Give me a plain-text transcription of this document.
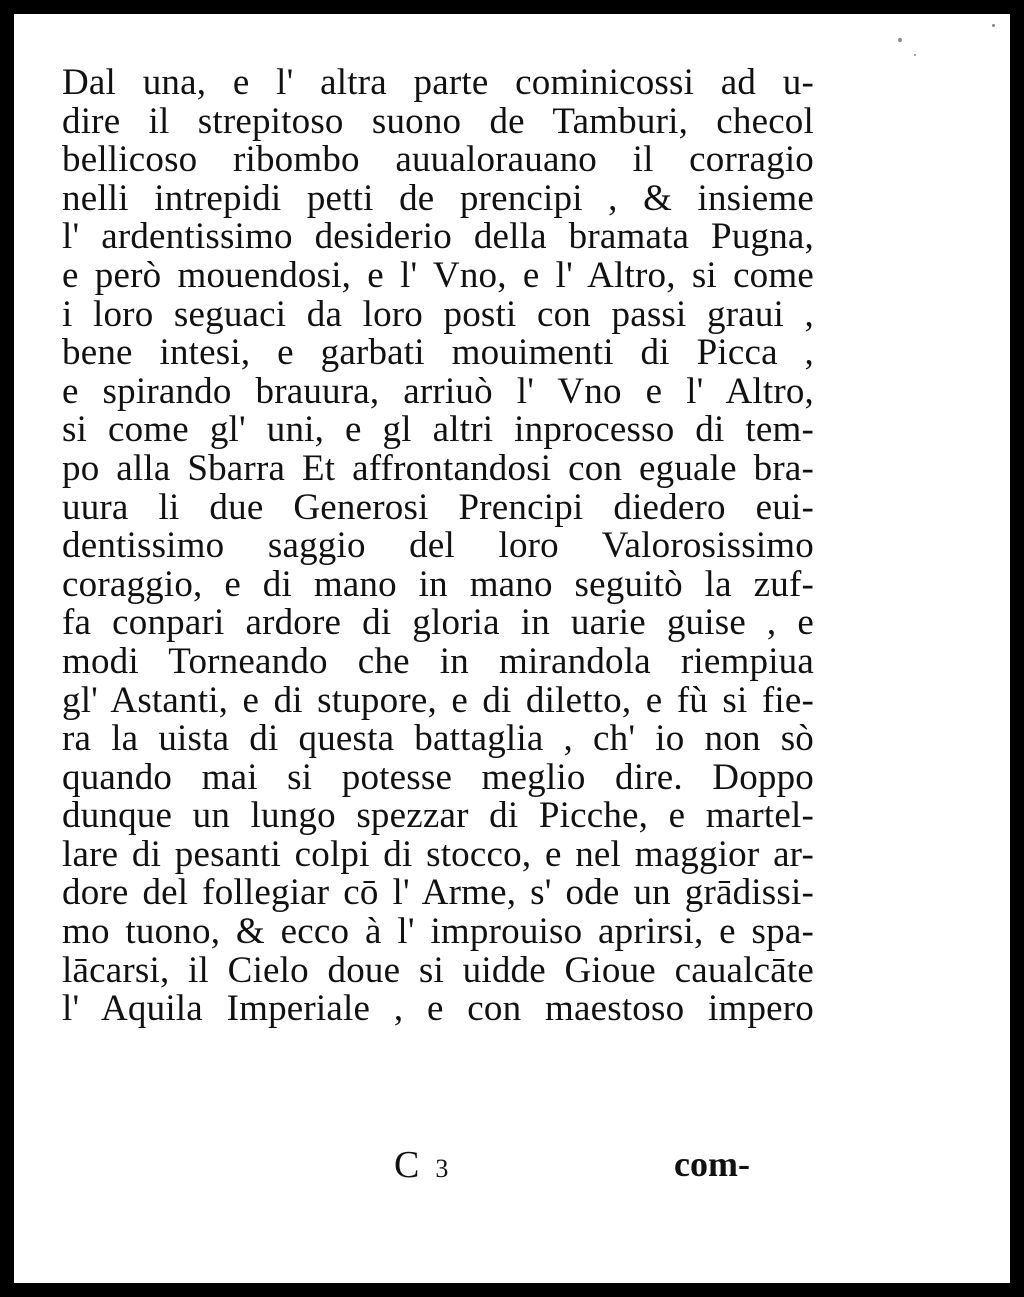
Dal una, e l' altra parte cominicossi ad u-
dire il strepitoso suono de Tamburi, checol
bellicoso ribombo auualorauano il corragio
nelli intrepidi petti de prencipi , & insieme
l' ardentissimo desiderio della bramata Pugna,
e però mouendosi, e l' Vno, e l' Altro, si come
i loro seguaci da loro posti con passi graui ,
bene intesi, e garbati mouimenti di Picca ,
e spirando brauura, arriuò l' Vno e l' Altro,
si come gl' uni, e gl altri inprocesso di tem-
po alla Sbarra Et affrontandosi con eguale bra-
uura li due Generosi Prencipi diedero eui-
dentissimo saggio del loro Valorosissimo
coraggio, e di mano in mano seguitò la zuf-
fa conpari ardore di gloria in uarie guise , e
modi Torneando che in mirandola riempiua
gl' Astanti, e di stupore, e di diletto, e fù si fie-
ra la uista di questa battaglia , ch' io non sò
quando mai si potesse meglio dire. Doppo
dunque un lungo spezzar di Picche, e martel-
lare di pesanti colpi di stocco, e nel maggior ar-
dore del follegiar cō l' Arme, s' ode un grādissi-
mo tuono, & ecco à l' improuiso aprirsi, e spa-
lācarsi, il Cielo doue si uidde Gioue caualcāte
l' Aquila Imperiale , e con maestoso impero
C 3	com-
